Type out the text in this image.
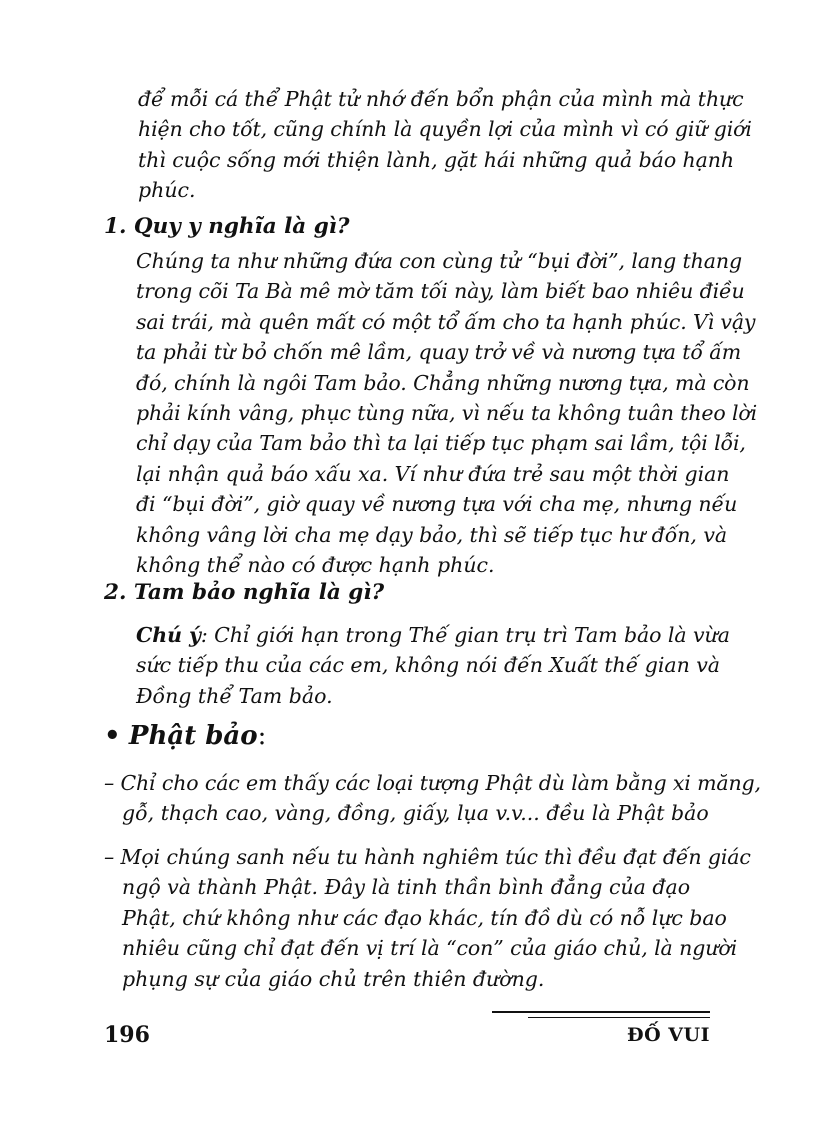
để mỗi cá thể Phật tử nhớ đến bổn phận của mình mà thực
hiện cho tốt, cũng chính là quyền lợi của mình vì có giữ giới
thì cuộc sống mới thiện lành, gặt hái những quả báo hạnh
phúc.
1. Quy y nghĩa là gì?
Chúng ta như những đứa con cùng tử “bụi đời”, lang thang
trong cõi Ta Bà mê mờ tăm tối này, làm biết bao nhiêu điều
sai trái, mà quên mất có một tổ ấm cho ta hạnh phúc. Vì vậy
ta phải từ bỏ chốn mê lầm, quay trở về và nương tựa tổ ấm
đó, chính là ngôi Tam bảo. Chẳng những nương tựa, mà còn
phải kính vâng, phục tùng nữa, vì nếu ta không tuân theo lời
chỉ dạy của Tam bảo thì ta lại tiếp tục phạm sai lầm, tội lỗi,
lại nhận quả báo xấu xa. Ví như đứa trẻ sau một thời gian
đi “bụi đời”, giờ quay về nương tựa với cha mẹ, nhưng nếu
không vâng lời cha mẹ dạy bảo, thì sẽ tiếp tục hư đốn, và
không thể nào có được hạnh phúc.
2. Tam bảo nghĩa là gì?
Chú ý: Chỉ giới hạn trong Thế gian trụ trì Tam bảo là vừa
sức tiếp thu của các em, không nói đến Xuất thế gian và
Đồng thể Tam bảo.
• Phật bảo:
– Chỉ cho các em thấy các loại tượng Phật dù làm bằng xi măng,
gỗ, thạch cao, vàng, đồng, giấy, lụa v.v... đều là Phật bảo
– Mọi chúng sanh nếu tu hành nghiêm túc thì đều đạt đến giác
ngộ và thành Phật. Đây là tinh thần bình đẳng của đạo
Phật, chứ không như các đạo khác, tín đồ dù có nỗ lực bao
nhiêu cũng chỉ đạt đến vị trí là “con” của giáo chủ, là người
phụng sự của giáo chủ trên thiên đường.
196	ĐỐ VUI
